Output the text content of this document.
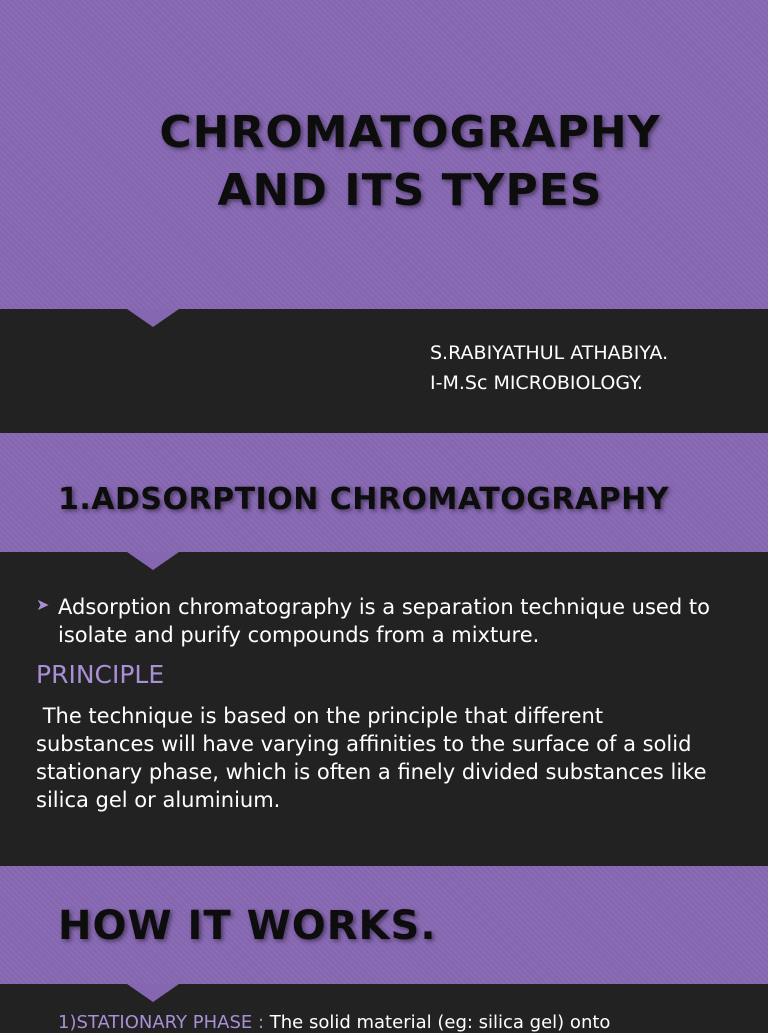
CHROMATOGRAPHY
AND ITS TYPES
S.RABIYATHUL ATHABIYA.
I-M.Sc MICROBIOLOGY.
1.ADSORPTION CHROMATOGRAPHY
➤ Adsorption chromatography is a separation technique used to isolate and purify compounds from a mixture.
PRINCIPLE

The technique is based on the principle that different substances will have varying affinities to the surface of a solid stationary phase, which is often a finely divided substances like silica gel or aluminium.

HOW IT WORKS.
1)STATIONARY PHASE : The solid material (eg: silica gel) onto
